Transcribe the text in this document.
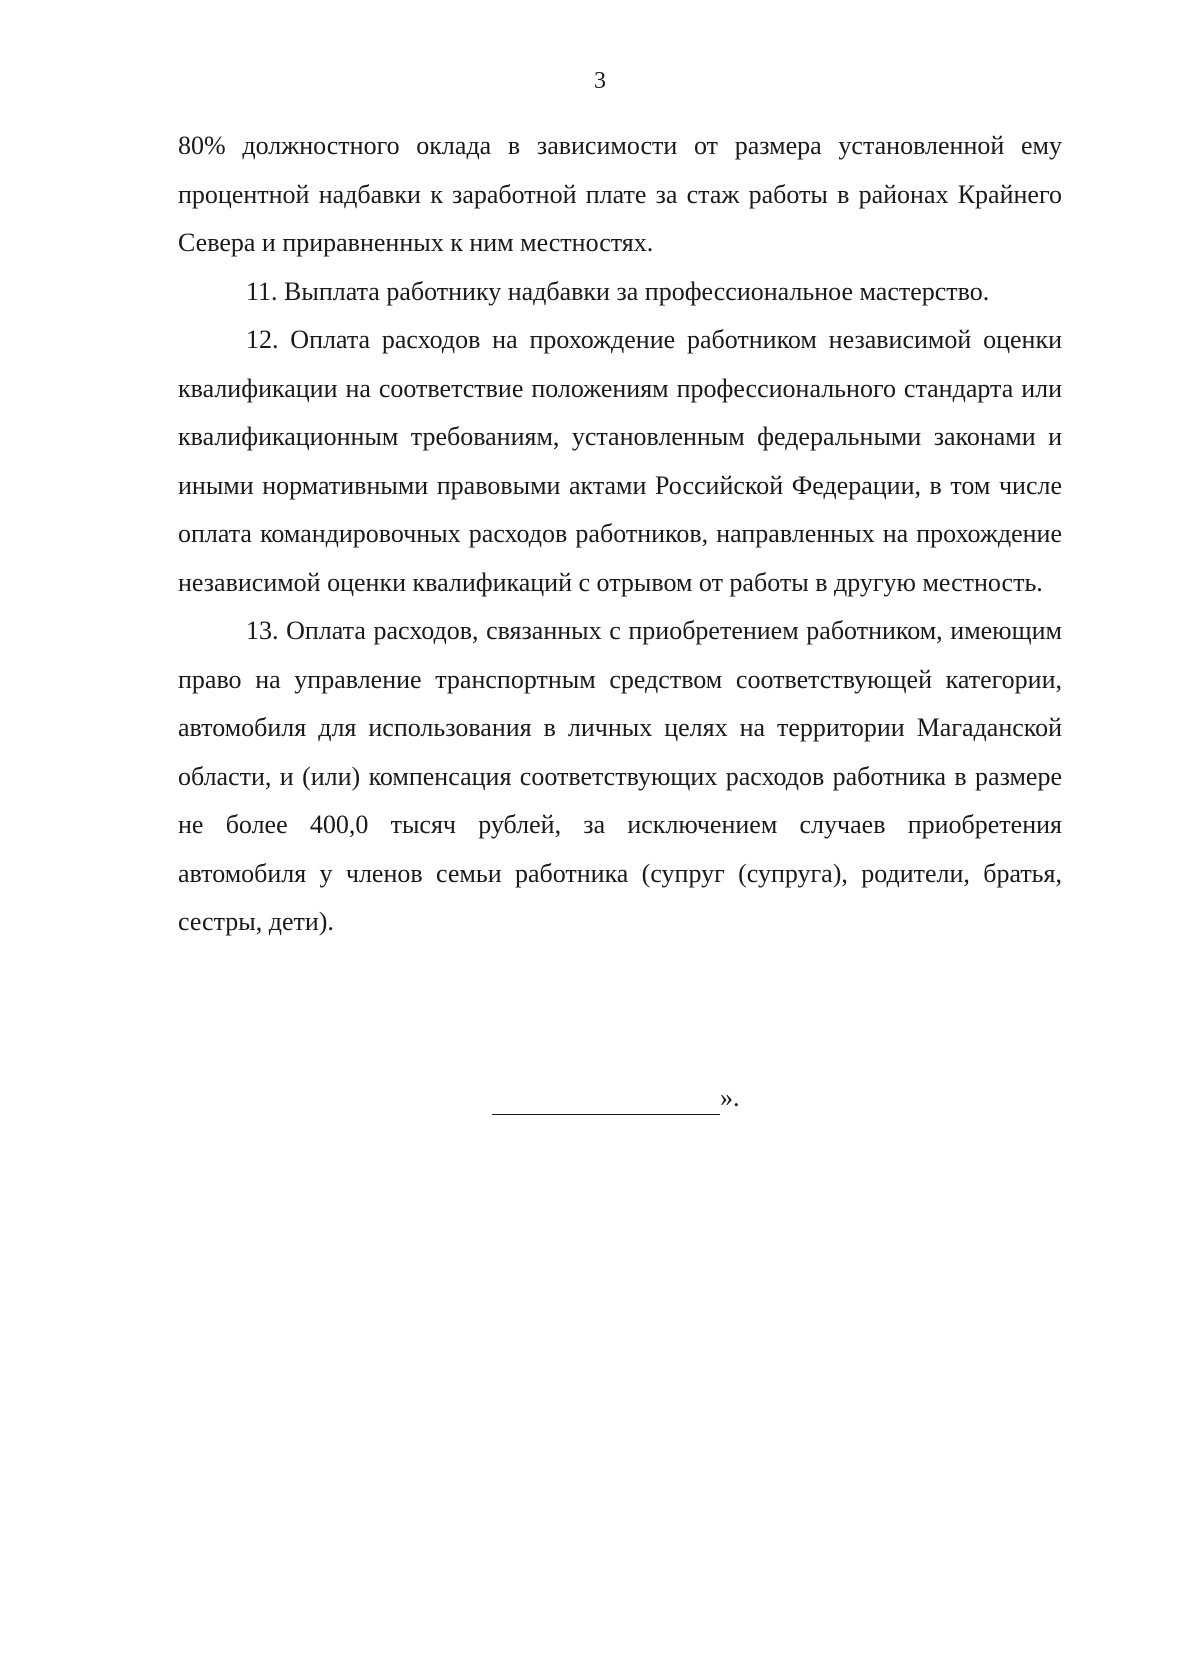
3

80% должностного оклада в зависимости от размера установленной ему процентной надбавки к заработной плате за стаж работы в районах Крайнего Севера и приравненных к ним местностях.

11. Выплата работнику надбавки за профессиональное мастерство.

12. Оплата расходов на прохождение работником независимой оценки квалификации на соответствие положениям профессионального стандарта или квалификационным требованиям, установленным федеральными законами и иными нормативными правовыми актами Российской Федерации, в том числе оплата командировочных расходов работников, направленных на прохождение независимой оценки квалификаций с отрывом от работы в другую местность.

13. Оплата расходов, связанных с приобретением работником, имеющим право на управление транспортным средством соответствующей категории, автомобиля для использования в личных целях на территории Магаданской области, и (или) компенсация соответствующих расходов работника в размере не более 400,0 тысяч рублей, за исключением случаев приобретения автомобиля у членов семьи работника (супруг (супруга), родители, братья, сестры, дети).

».
